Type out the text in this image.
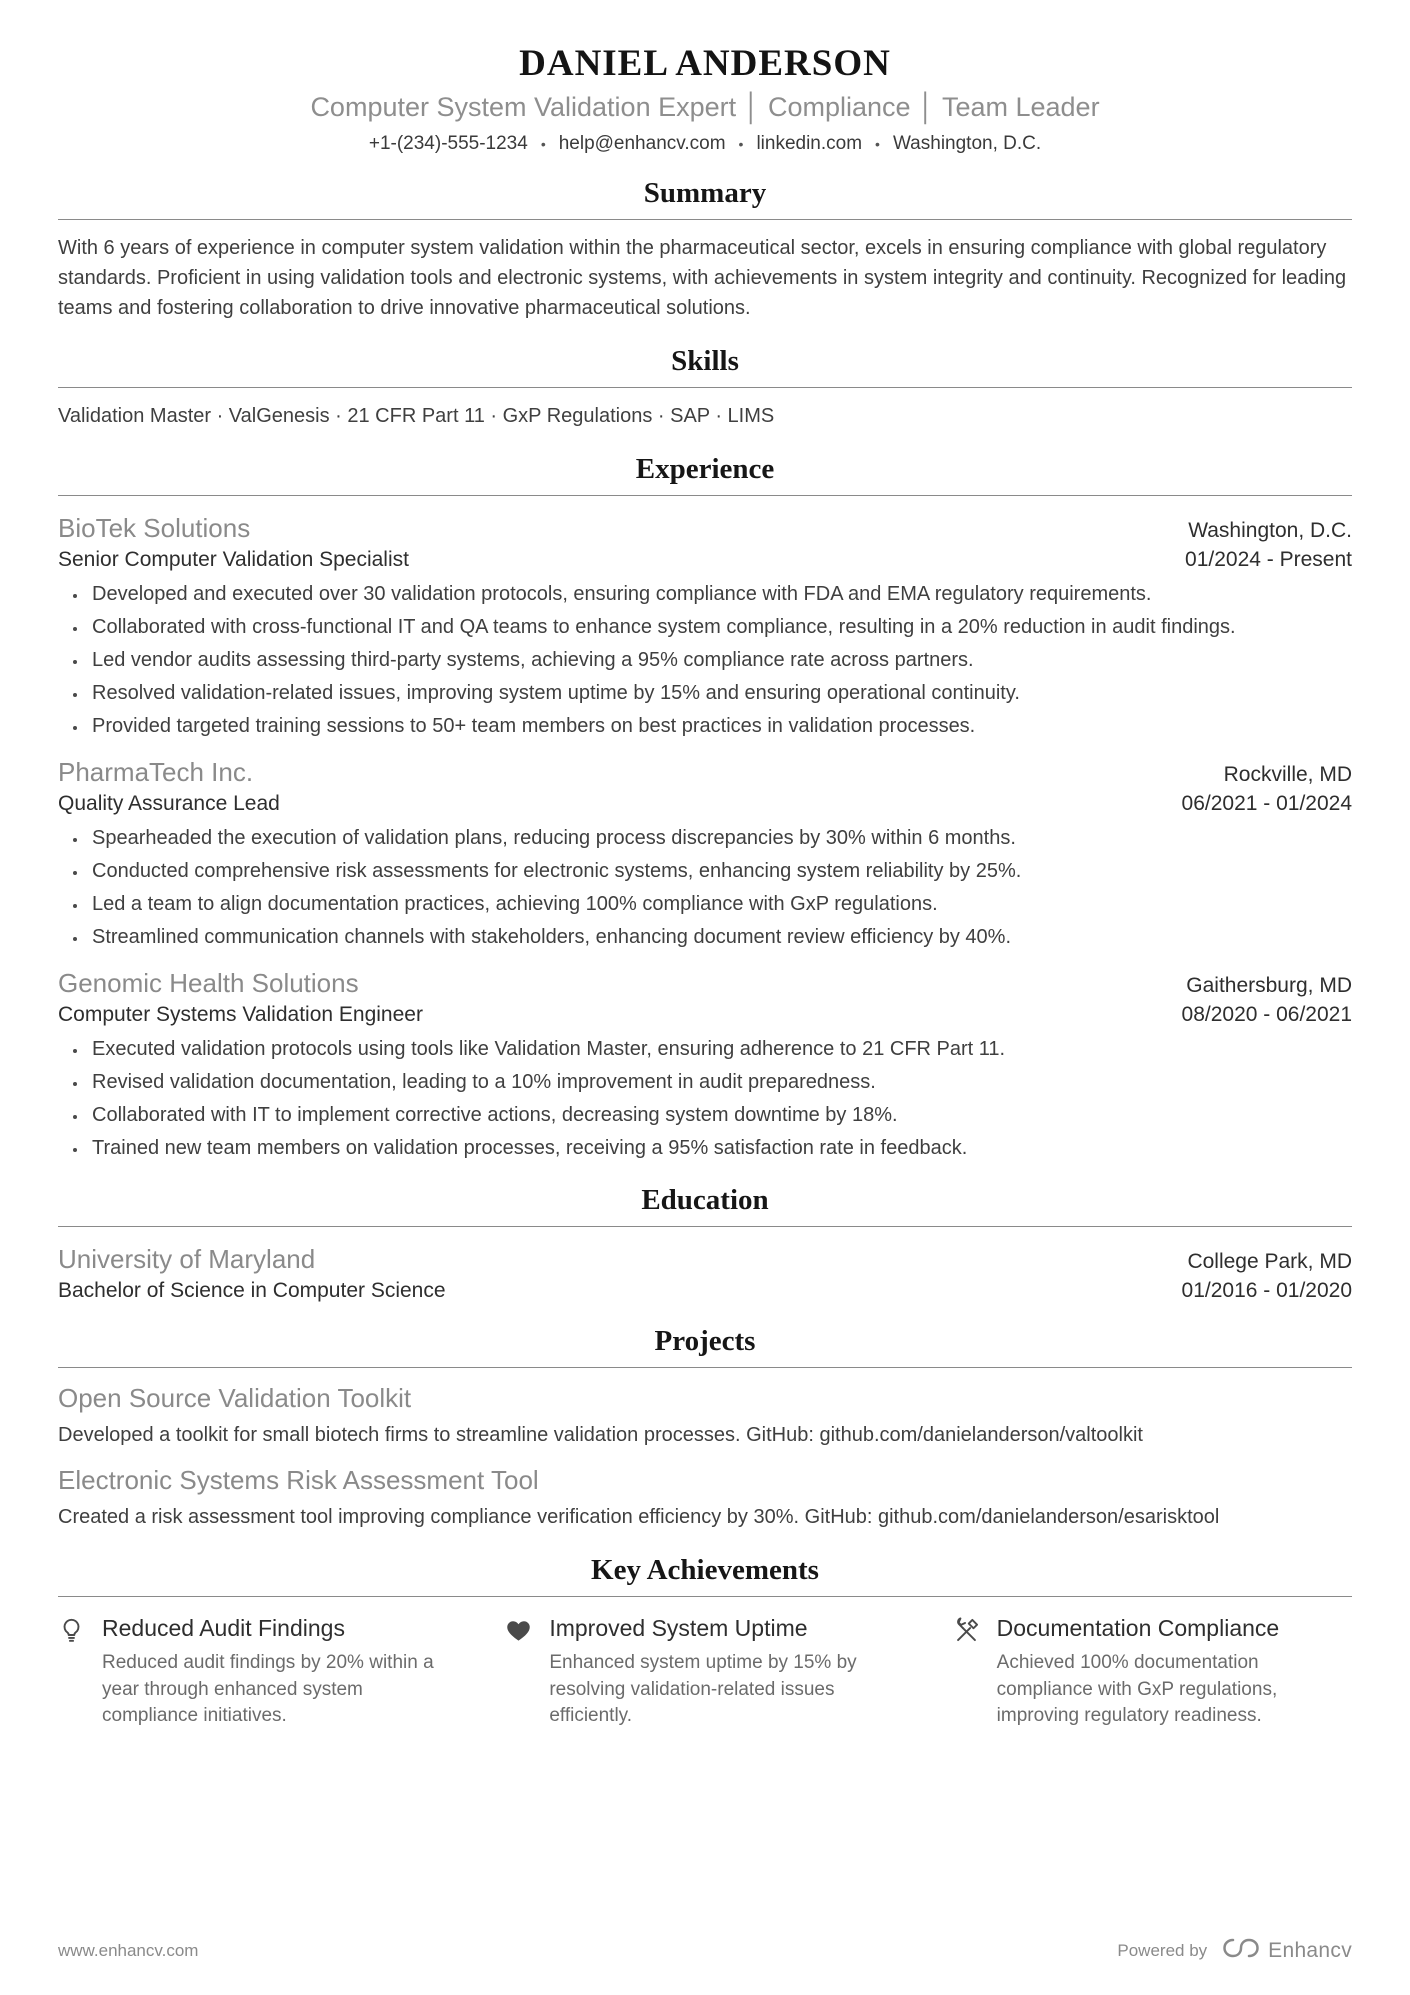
DANIEL ANDERSON
Computer System Validation Expert │ Compliance │ Team Leader
+1-(234)-555-1234 • help@enhancv.com • linkedin.com • Washington, D.C.
Summary

With 6 years of experience in computer system validation within the pharmaceutical sector, excels in ensuring compliance with global regulatory standards. Proficient in using validation tools and electronic systems, with achievements in system integrity and continuity. Recognized for leading teams and fostering collaboration to drive innovative pharmaceutical solutions.

Skills

Validation Master · ValGenesis · 21 CFR Part 11 · GxP Regulations · SAP · LIMS

Experience
BioTek Solutions	Washington, D.C.
Senior Computer Validation Specialist	01/2024 - Present
• Developed and executed over 30 validation protocols, ensuring compliance with FDA and EMA regulatory requirements.
• Collaborated with cross-functional IT and QA teams to enhance system compliance, resulting in a 20% reduction in audit findings.
• Led vendor audits assessing third-party systems, achieving a 95% compliance rate across partners.
• Resolved validation-related issues, improving system uptime by 15% and ensuring operational continuity.
• Provided targeted training sessions to 50+ team members on best practices in validation processes.
PharmaTech Inc.	Rockville, MD
Quality Assurance Lead	06/2021 - 01/2024
• Spearheaded the execution of validation plans, reducing process discrepancies by 30% within 6 months.
• Conducted comprehensive risk assessments for electronic systems, enhancing system reliability by 25%.
• Led a team to align documentation practices, achieving 100% compliance with GxP regulations.
• Streamlined communication channels with stakeholders, enhancing document review efficiency by 40%.
Genomic Health Solutions	Gaithersburg, MD
Computer Systems Validation Engineer	08/2020 - 06/2021
• Executed validation protocols using tools like Validation Master, ensuring adherence to 21 CFR Part 11.
• Revised validation documentation, leading to a 10% improvement in audit preparedness.
• Collaborated with IT to implement corrective actions, decreasing system downtime by 18%.
• Trained new team members on validation processes, receiving a 95% satisfaction rate in feedback.
Education
University of Maryland	College Park, MD
Bachelor of Science in Computer Science	01/2016 - 01/2020
Projects
Open Source Validation Toolkit

Developed a toolkit for small biotech firms to streamline validation processes. GitHub: github.com/danielanderson/valtoolkit

Electronic Systems Risk Assessment Tool

Created a risk assessment tool improving compliance verification efficiency by 30%. GitHub: github.com/danielanderson/esarisktool

Key Achievements
Reduced Audit Findings
Reduced audit findings by 20% within a year through enhanced system compliance initiatives.
Improved System Uptime
Enhanced system uptime by 15% by resolving validation-related issues efficiently.
Documentation Compliance
Achieved 100% documentation compliance with GxP regulations, improving regulatory readiness.
www.enhancv.com	Powered by	Enhancv
